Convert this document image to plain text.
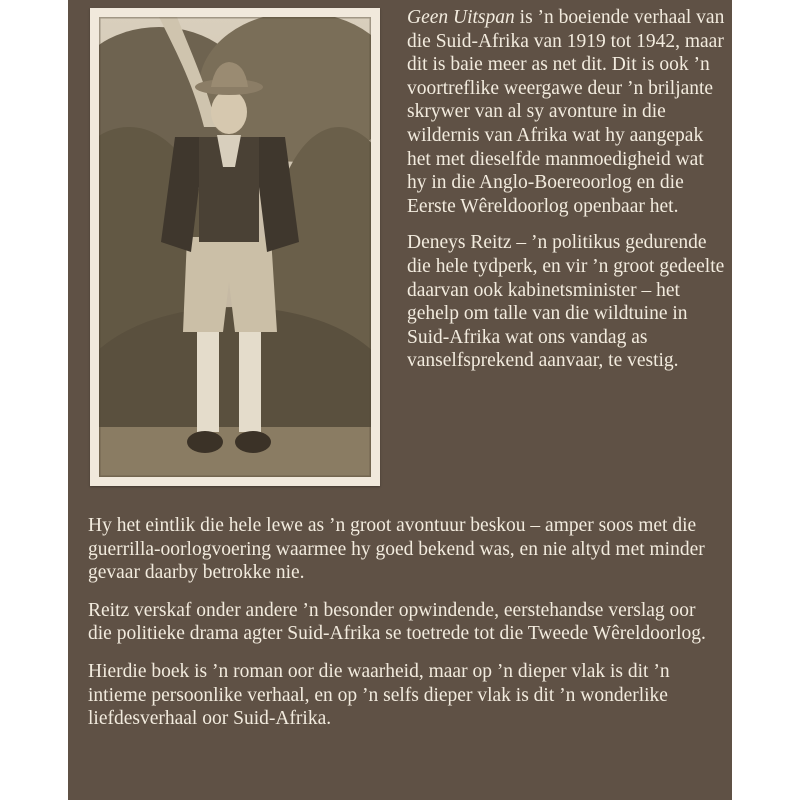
Geen Uitspan is ’n boeiende verhaal van die Suid-Afrika van 1919 tot 1942, maar dit is baie meer as net dit. Dit is ook ’n voortreflike weergawe deur ’n briljante skrywer van al sy avonture in die wildernis van Afrika wat hy aangepak het met dieselfde manmoedigheid wat hy in die Anglo-Boereoorlog en die Eerste Wêreldoorlog openbaar het.

Deneys Reitz – ’n politikus gedurende die hele tydperk, en vir ’n groot gedeelte daarvan ook kabinetsminister – het gehelp om talle van die wildtuine in Suid-Afrika wat ons vandag as vanselfsprekend aanvaar, te vestig.

Hy het eintlik die hele lewe as ’n groot avontuur beskou – amper soos met die guerrilla-oorlogvoering waarmee hy goed bekend was, en nie altyd met minder gevaar daarby betrokke nie.

Reitz verskaf onder andere ’n besonder opwindende, eerstehandse verslag oor die politieke drama agter Suid-Afrika se toetrede tot die Tweede Wêreldoorlog.

Hierdie boek is ’n roman oor die waarheid, maar op ’n dieper vlak is dit ’n intieme persoonlike verhaal, en op ’n selfs dieper vlak is dit ’n wonderlike liefdesverhaal oor Suid-Afrika.
